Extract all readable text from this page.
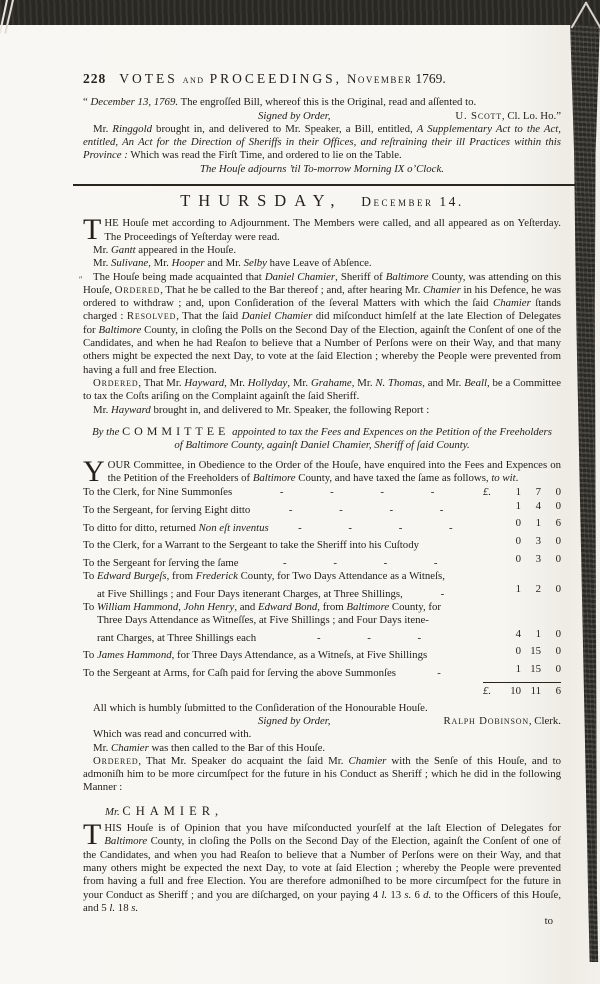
228 VOTES and PROCEEDINGS, November 1769.

“ December 13, 1769. The engroſſed Bill, whereof this is the Original, read and aſſented to.

Signed by Order,	U. Scott, Cl. Lo. Ho.”

Mr. Ringgold brought in, and delivered to Mr. Speaker, a Bill, entitled, A Supplementary Act to the Act, entitled, An Act for the Direction of Sheriffs in their Offices, and reſtraining their ill Practices within this Province : Which was read the Firſt Time, and ordered to lie on the Table.

The Houſe adjourns ’til To-morrow Morning IX o’Clock.

THURSDAY, December 14.

THE Houſe met according to Adjournment. The Members were called, and all appeared as on Yeſterday. The Proceedings of Yeſterday were read.

Mr. Gantt appeared in the Houſe.

Mr. Sulivane, Mr. Hooper and Mr. Selby have Leave of Abſence.

″ The Houſe being made acquainted that Daniel Chamier, Sheriff of Baltimore County, was attending on this Houſe, Ordered, That he be called to the Bar thereof ; and, after hearing Mr. Chamier in his Defence, he was ordered to withdraw ; and, upon Conſideration of the ſeveral Matters with which the ſaid Chamier ſtands charged : Resolved, That the ſaid Daniel Chamier did miſconduct himſelf at the late Election of Delegates for Baltimore County, in cloſing the Polls on the Second Day of the Election, againſt the Conſent of one of the Candidates, and when he had Reaſon to believe that a Number of Perſons were on their Way, and that many others might be expected the next Day, to vote at the ſaid Election ; whereby the People were prevented from having a full and free Election.

Ordered, That Mr. Hayward, Mr. Hollyday, Mr. Grahame, Mr. N. Thomas, and Mr. Beall, be a Committee to tax the Coſts ariſing on the Complaint againſt the ſaid Sheriff.

Mr. Hayward brought in, and delivered to Mr. Speaker, the following Report :

By the COMMITTEE appointed to tax the Fees and Expences on the Petition of the Freeholders of Baltimore County, againſt Daniel Chamier, Sheriff of ſaid County.

YOUR Committee, in Obedience to the Order of the Houſe, have enquired into the Fees and Expences on the Petition of the Freeholders of Baltimore County, and have taxed the ſame as follows, to wit.

To the Clerk, for Nine Summonſes	- - - -	£.	1	7	0
To the Sergeant, for ſerving Eight ditto	- - - -	1	4	0
To ditto for ditto, returned Non eſt inventus	- - - -	0	1	6
To the Clerk, for a Warrant to the Sergeant to take the Sheriff into his Cuſtody	0	3	0
To the Sergeant for ſerving the ſame	- - - -	0	3	0
To Edward Burgeſs, from Frederick County, for Two Days Attendance as a Witneſs,
at Five Shillings ; and Four Days itenerant Charges, at Three Shillings,	-	1	2	0
To William Hammond, John Henry, and Edward Bond, from Baltimore County, for
Three Days Attendance as Witneſſes, at Five Shillings ; and Four Days itene-
rant Charges, at Three Shillings each	- - -	4	1	0
To James Hammond, for Three Days Attendance, as a Witneſs, at Five Shillings	0 15	0
To the Sergeant at Arms, for Caſh paid for ſerving the above Summonſes	-	1 15	0
£.	10 11	6

All which is humbly ſubmitted to the Conſideration of the Honourable Houſe.

Signed by Order,	Ralph Dobinson, Clerk.

Which was read and concurred with.

Mr. Chamier was then called to the Bar of this Houſe.

Ordered, That Mr. Speaker do acquaint the ſaid Mr. Chamier with the Senſe of this Houſe, and to admoniſh him to be more circumſpect for the future in his Conduct as Sheriff ; which he did in the following Manner :

Mr. CHAMIER,

THIS Houſe is of Opinion that you have miſconducted yourſelf at the laſt Election of Delegates for Baltimore County, in cloſing the Polls on the Second Day of the Election, againſt the Conſent of one of the Candidates, and when you had Reaſon to believe that a Number of Perſons were on their Way, and that many others might be expected the next Day, to vote at ſaid Election ; whereby the People were prevented from having a full and free Election. You are therefore admoniſhed to be more circumſpect for the future in your Conduct as Sheriff ; and you are diſcharged, on your paying 4 l. 13 s. 6 d. to the Officers of this Houſe, and 5 l. 18 s.

to
